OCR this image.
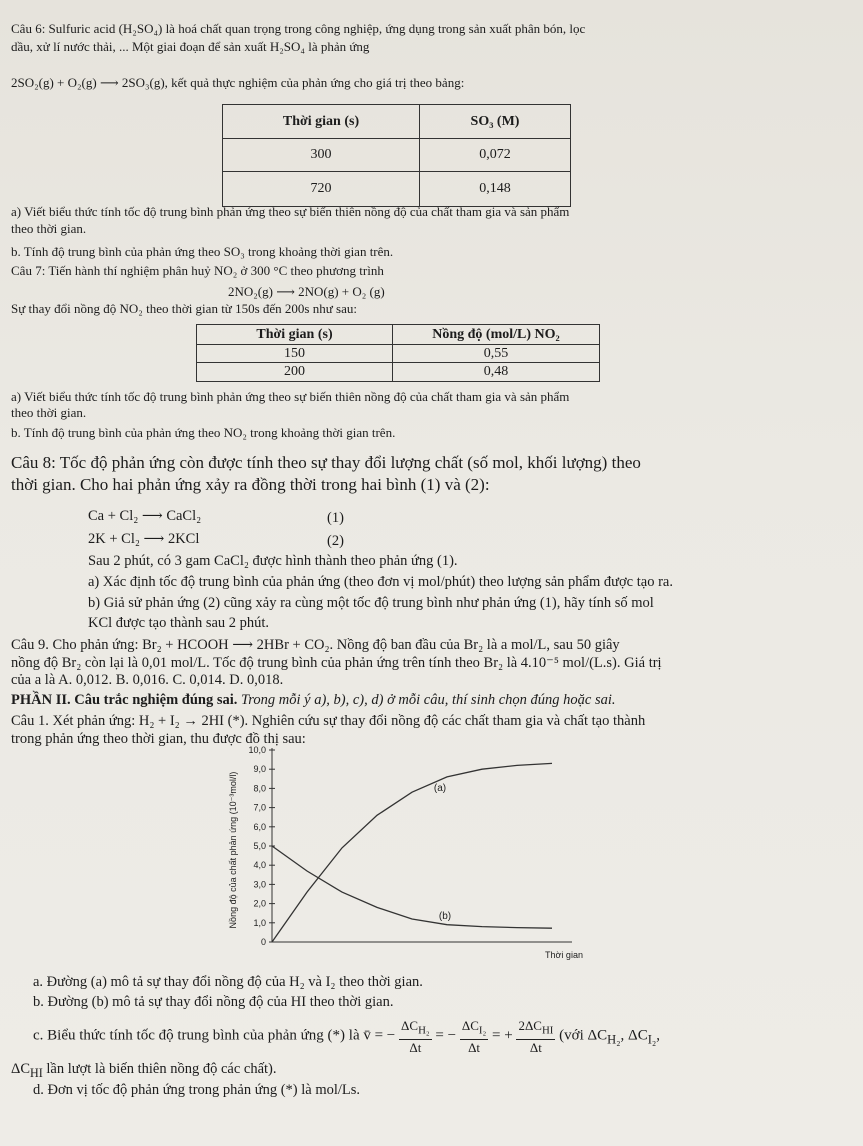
Câu 6: Sulfuric acid (H₂SO₄) là hoá chất quan trọng trong công nghiệp, ứng dụng trong sản xuất phân bón, lọc
dầu, xử lí nước thải, ... Một giai đoạn để sản xuất H₂SO₄ là phản ứng
2SO₂(g) + O₂(g) ⟶ 2SO₃(g), kết quả thực nghiệm của phản ứng cho giá trị theo bảng:
Thời gian (s)	SO₃ (M)
300	0,072
720	0,148
a) Viết biểu thức tính tốc độ trung bình phản ứng theo sự biến thiên nồng độ của chất tham gia và sản phẩm
theo thời gian.
b. Tính độ trung bình của phản ứng theo SO₃ trong khoảng thời gian trên.
Câu 7: Tiến hành thí nghiệm phân huỷ NO₂ ở 300 °C theo phương trình
2NO₂(g) ⟶ 2NO(g) + O₂ (g)
Sự thay đổi nồng độ NO₂ theo thời gian từ 150s đến 200s như sau:
Thời gian (s)	Nồng độ (mol/L) NO₂
150	0,55
200	0,48
a) Viết biểu thức tính tốc độ trung bình phản ứng theo sự biến thiên nồng độ của chất tham gia và sản phẩm
theo thời gian.
b. Tính độ trung bình của phản ứng theo NO₂ trong khoảng thời gian trên.
Câu 8: Tốc độ phản ứng còn được tính theo sự thay đổi lượng chất (số mol, khối lượng) theo
thời gian. Cho hai phản ứng xảy ra đồng thời trong hai bình (1) và (2):
Ca + Cl₂ ⟶ CaCl₂	(1)
2K + Cl₂ ⟶ 2KCl	(2)
Sau 2 phút, có 3 gam CaCl₂ được hình thành theo phản ứng (1).
a) Xác định tốc độ trung bình của phản ứng (theo đơn vị mol/phút) theo lượng sản phẩm được tạo ra.
b) Giả sử phản ứng (2) cũng xảy ra cùng một tốc độ trung bình như phản ứng (1), hãy tính số mol
KCl được tạo thành sau 2 phút.
Câu 9. Cho phản ứng: Br₂ + HCOOH ⟶ 2HBr + CO₂. Nồng độ ban đầu của Br₂ là a mol/L, sau 50 giây
nồng độ Br₂ còn lại là 0,01 mol/L. Tốc độ trung bình của phản ứng trên tính theo Br₂ là 4.10⁻⁵ mol/(L.s). Giá trị
của a là A. 0,012. B. 0,016. C. 0,014. D. 0,018.
PHẦN II. Câu trắc nghiệm đúng sai. Trong mỗi ý a), b), c), d) ở mỗi câu, thí sinh chọn đúng hoặc sai.
Câu 1. Xét phản ứng: H₂ + I₂ → 2HI (*). Nghiên cứu sự thay đổi nồng độ các chất tham gia và chất tạo thành
trong phản ứng theo thời gian, thu được đồ thị sau:
10,0
9,0
8,0
7,0
6,0
5,0
4,0
3,0
2,0
1,0
0
Nồng độ của chất phản ứng (10⁻³mol/l)
Thời gian
(a)
(b)
a. Đường (a) mô tả sự thay đổi nồng độ của H₂ và I₂ theo thời gian.
b. Đường (b) mô tả sự thay đổi nồng độ của HI theo thời gian.
c. Biểu thức tính tốc độ trung bình của phản ứng (*) là v̄ = − $\frac{\Delta C_{H_2}}{\Delta t}$ = − $\frac{\Delta C_{I_2}}{\Delta t}$ = + $\frac{2\Delta C_{HI}}{\Delta t}$ (với $\Delta C_{H_2}$, $\Delta C_{I_2}$,
$\Delta C_{HI}$ lần lượt là biến thiên nồng độ các chất).
d. Đơn vị tốc độ phản ứng trong phản ứng (*) là mol/Ls.
